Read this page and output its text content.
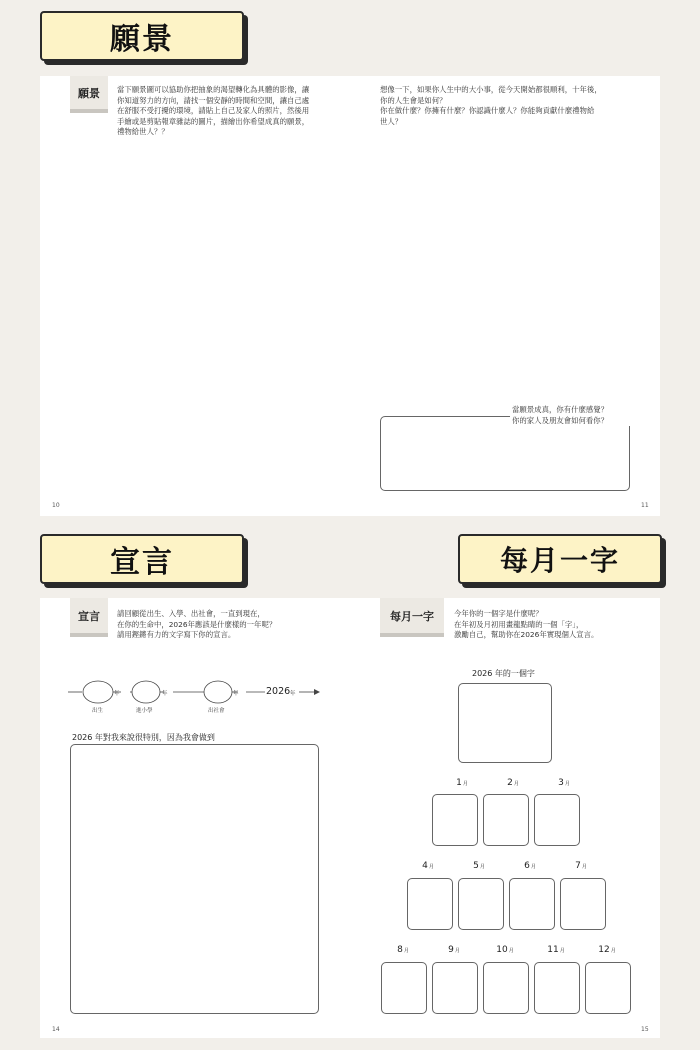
願景
宣言	每月一字
願景	當下願景圖可以協助你把抽象的渴望轉化為具體的影像，讓
你知道努力的方向，請找一個安靜的時間和空間，讓自己處
在舒服不受打擾的環境，請貼上自己及家人的照片，然後用
手繪或是剪貼報章雜誌的圖片，描繪出你希望成真的願景，
禮物給世人？？
10
想像一下，如果你人生中的大小事，從今天開始都很順利，十年後，
你的人生會是如何？
你在做什麼？你擁有什麼？你認識什麼人？你能夠貢獻什麼禮物給
世人？
當願景成真，你有什麼感覺？
你的家人及朋友會如何看你？
11
宣言	請回顧從出生、入學、出社會，一直到現在，
在你的生命中，2026年應該是什麼樣的一年呢？
請用鏗鏘有力的文字寫下你的宣言。
年	年	年	2026 年
出生	進小學	出社會
2026 年對我來說很特別，因為我會做到
14
每月一字	今年你的一個字是什麼呢？
在年初及月初用畫龍點睛的一個「字」，
激勵自己，幫助你在2026年實現個人宣言。
2026 年的一個字
1月	2月	3月
4月	5月	6月	7月
8月	9月	10月	11月	12月
15
